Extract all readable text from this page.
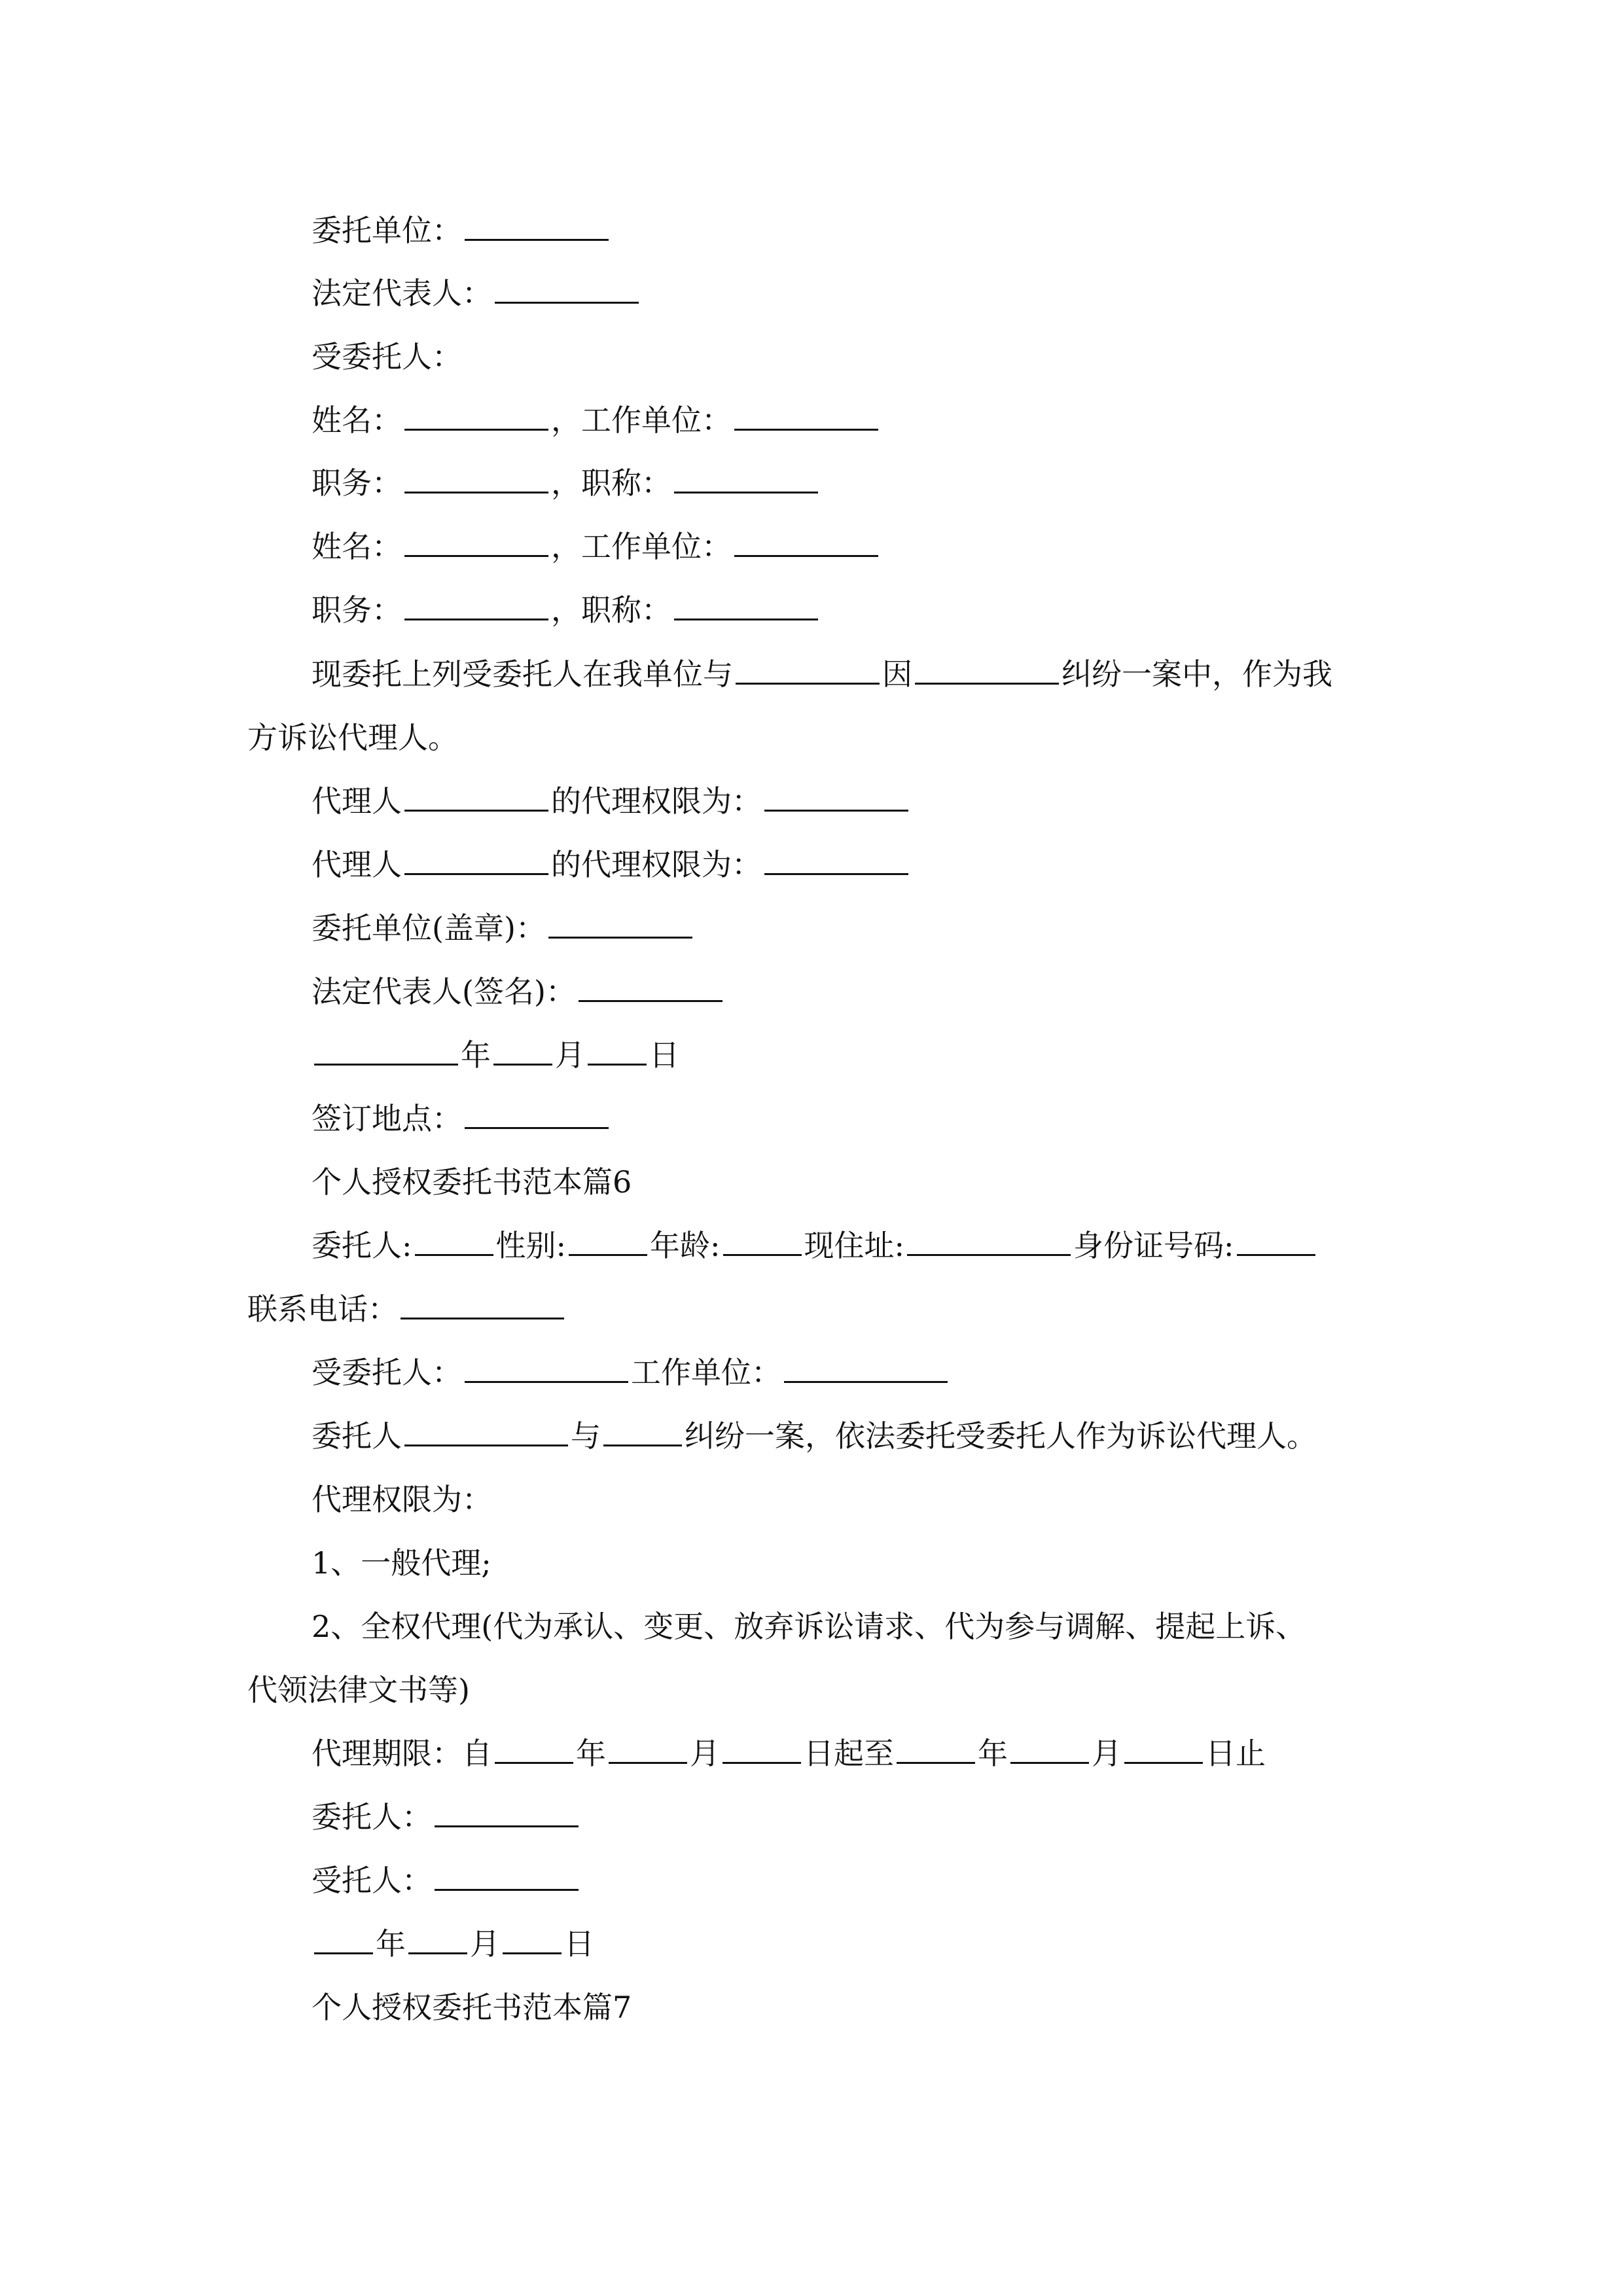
委托单位：
法定代表人：
受委托人：
姓名：	，工作单位：
职务：	，职称：
姓名：	，工作单位：
职务：	，职称：
现委托上列受委托人在我单位与	因	纠纷一案中，作为我
方诉讼代理人。
代理人	的代理权限为：
代理人	的代理权限为：
委托单位(盖章)：
法定代表人(签名)：
年 月 日
签订地点：
个人授权委托书范本篇6
委托人:	性别:	年龄:	现住址:	身份证号码:
联系电话：
受委托人：	工作单位：
委托人	与	纠纷一案，依法委托受委托人作为诉讼代理人。
代理权限为：
1、一般代理;
2、全权代理(代为承认、变更、放弃诉讼请求、代为参与调解、提起上诉、
代领法律文书等)
代理期限：自	年	月	日起至	年	月	日止
委托人：
受托人：
年 月 日
个人授权委托书范本篇7
